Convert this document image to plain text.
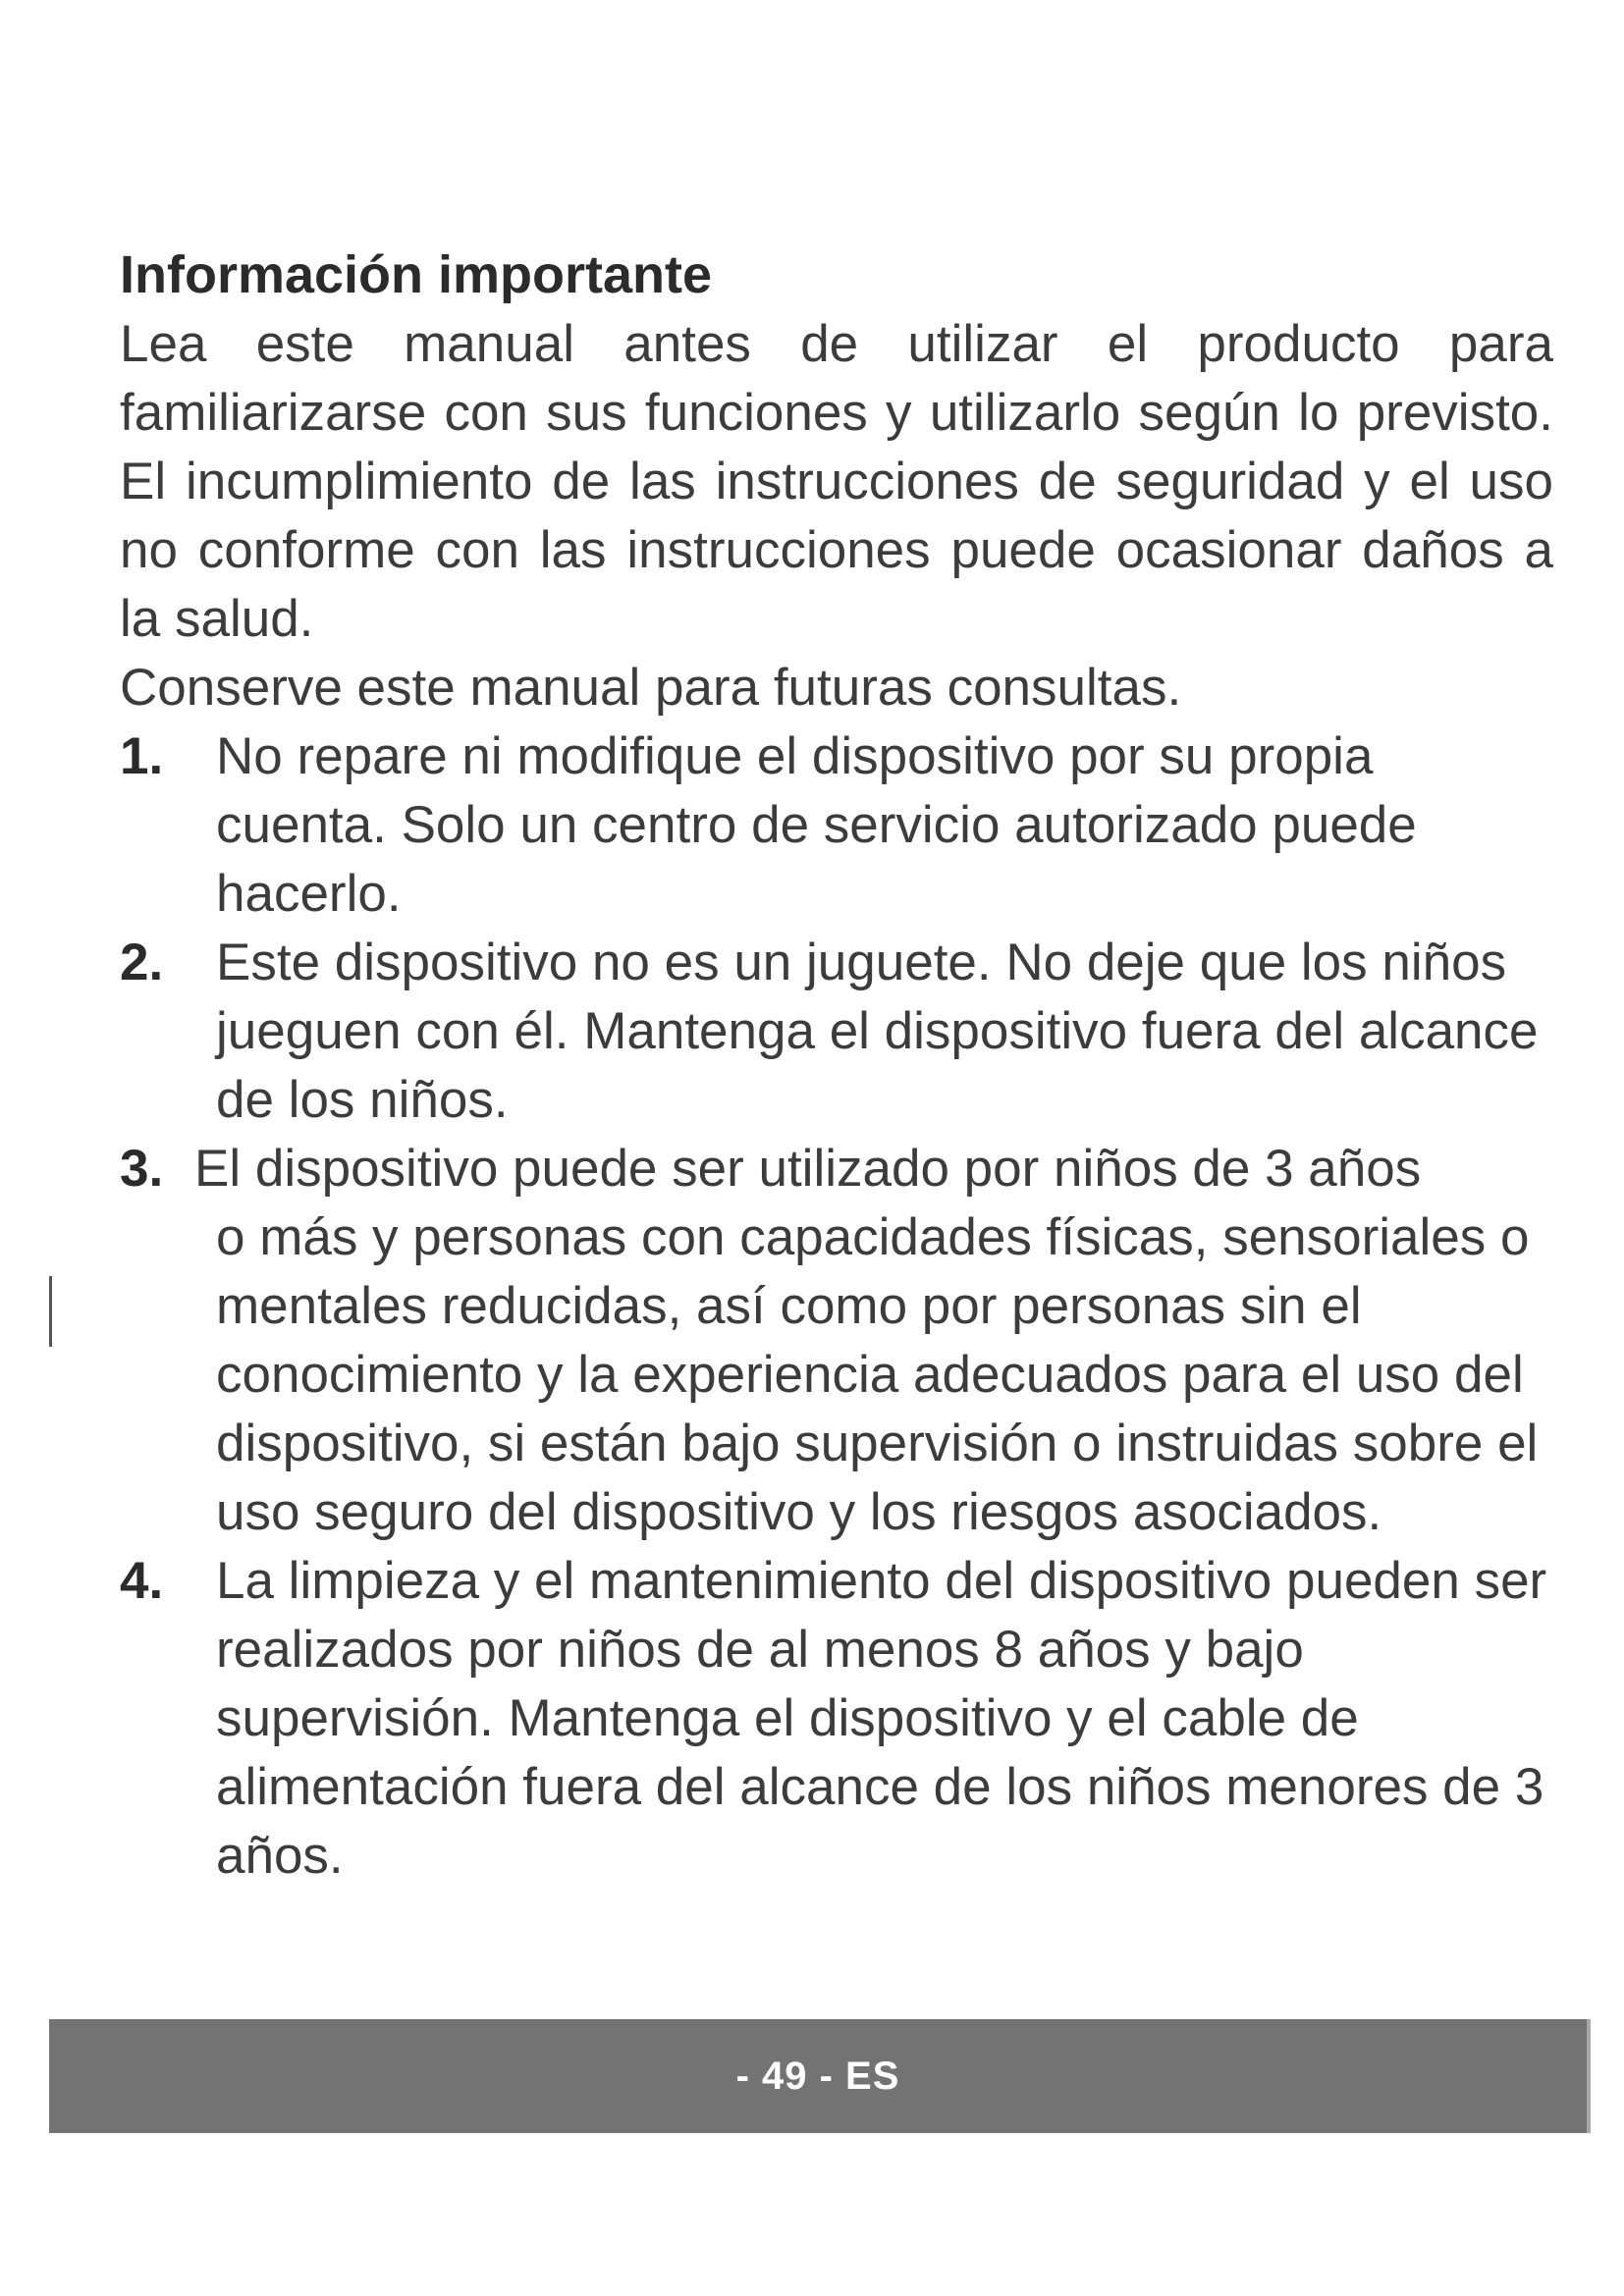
Información importante

Lea este manual antes de utilizar el producto para familiarizarse con sus funciones y utilizarlo según lo previsto. El incumplimiento de las instrucciones de seguridad y el uso no conforme con las instrucciones puede ocasionar daños a la salud.

Conserve este manual para futuras consultas.

1.	No repare ni modifique el dispositivo por su propia cuenta. Solo un centro de servicio autorizado puede hacerlo.
2.	Este dispositivo no es un juguete. No deje que los niños jueguen con él. Mantenga el dispositivo fuera del alcance de los niños.
3. El dispositivo puede ser utilizado por niños de 3 años
o más y personas con capacidades físicas, sensoriales o mentales reducidas, así como por personas sin el conocimiento y la experiencia adecuados para el uso del dispositivo, si están bajo supervisión o instruidas sobre el uso seguro del dispositivo y los riesgos asociados.
4.	La limpieza y el mantenimiento del dispositivo pueden ser realizados por niños de al menos 8 años y bajo supervisión. Mantenga el dispositivo y el cable de alimentación fuera del alcance de los niños menores de 3 años.
- 49 - ES
